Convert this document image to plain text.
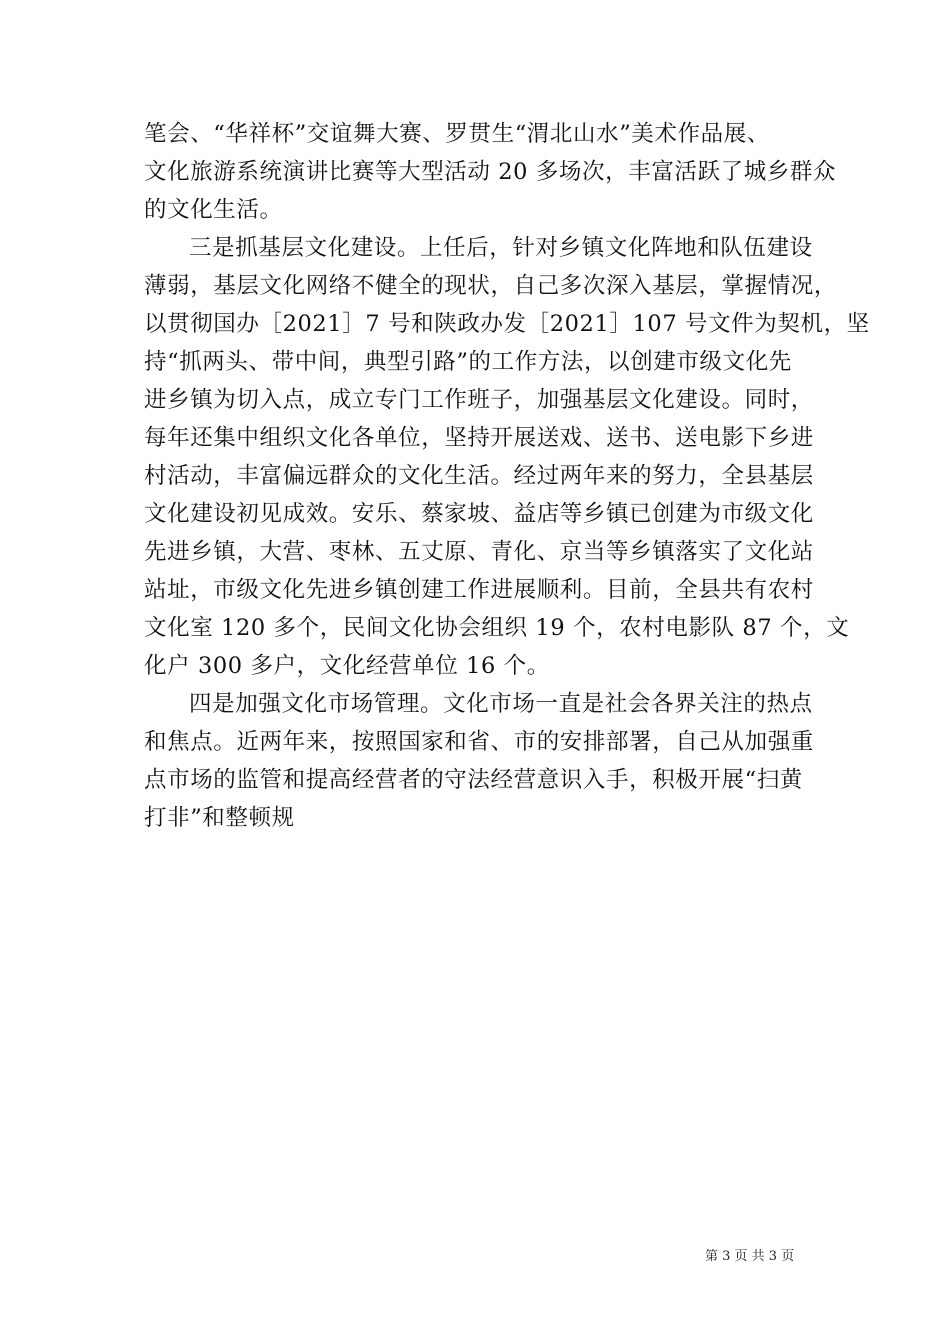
笔会、“华祥杯”交谊舞大赛、罗贯生“渭北山水”美术作品展、
文化旅游系统演讲比赛等大型活动 20 多场次，丰富活跃了城乡群众
的文化生活。
三是抓基层文化建设。上任后，针对乡镇文化阵地和队伍建设
薄弱，基层文化网络不健全的现状，自己多次深入基层，掌握情况，
以贯彻国办［2021］7 号和陕政办发［2021］107 号文件为契机，坚
持“抓两头、带中间，典型引路”的工作方法，以创建市级文化先
进乡镇为切入点，成立专门工作班子，加强基层文化建设。同时，
每年还集中组织文化各单位，坚持开展送戏、送书、送电影下乡进
村活动，丰富偏远群众的文化生活。经过两年来的努力，全县基层
文化建设初见成效。安乐、蔡家坡、益店等乡镇已创建为市级文化
先进乡镇，大营、枣林、五丈原、青化、京当等乡镇落实了文化站
站址，市级文化先进乡镇创建工作进展顺利。目前，全县共有农村
文化室 120 多个，民间文化协会组织 19 个，农村电影队 87 个，文
化户 300 多户，文化经营单位 16 个。
四是加强文化市场管理。文化市场一直是社会各界关注的热点
和焦点。近两年来，按照国家和省、市的安排部署，自己从加强重
点市场的监管和提高经营者的守法经营意识入手，积极开展“扫黄
打非”和整顿规
第 3 页 共 3 页
